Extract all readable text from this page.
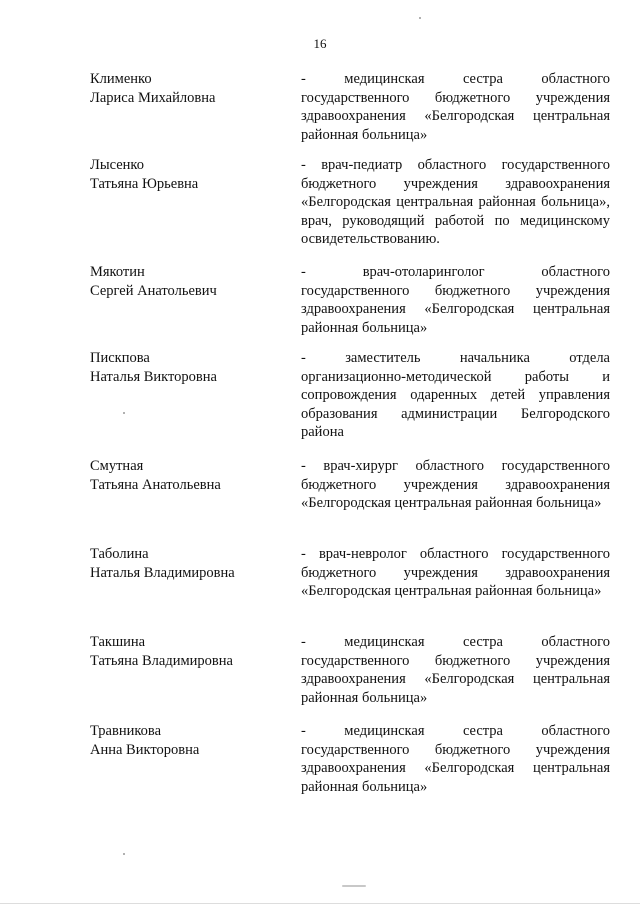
16
Клименко
Лариса Михайловна
- медицинская сестра областного государственного бюджетного учреждения здравоохранения «Белгородская центральная районная больница»
Лысенко
Татьяна Юрьевна
- врач-педиатр областного государственного бюджетного учреждения здравоохранения «Белгородская центральная районная больница», врач, руководящий работой по медицинскому освидетельствованию.
Мякотин
Сергей Анатольевич
- врач-отоларинголог областного государственного бюджетного учреждения здравоохранения «Белгородская центральная районная больница»
Пискпова
Наталья Викторовна
- заместитель начальника отдела организационно-методической работы и сопровождения одаренных детей управления образования администрации Белгородского района
Смутная
Татьяна Анатольевна
- врач-хирург областного государственного бюджетного учреждения здравоохранения «Белгородская центральная районная больница»
Таболина
Наталья Владимировна
- врач-невролог областного государственного бюджетного учреждения здравоохранения «Белгородская центральная районная больница»
Такшина
Татьяна Владимировна
- медицинская сестра областного государственного бюджетного учреждения здравоохранения «Белгородская центральная районная больница»
Травникова
Анна Викторовна
- медицинская сестра областного государственного бюджетного учреждения здравоохранения «Белгородская центральная районная больница»
